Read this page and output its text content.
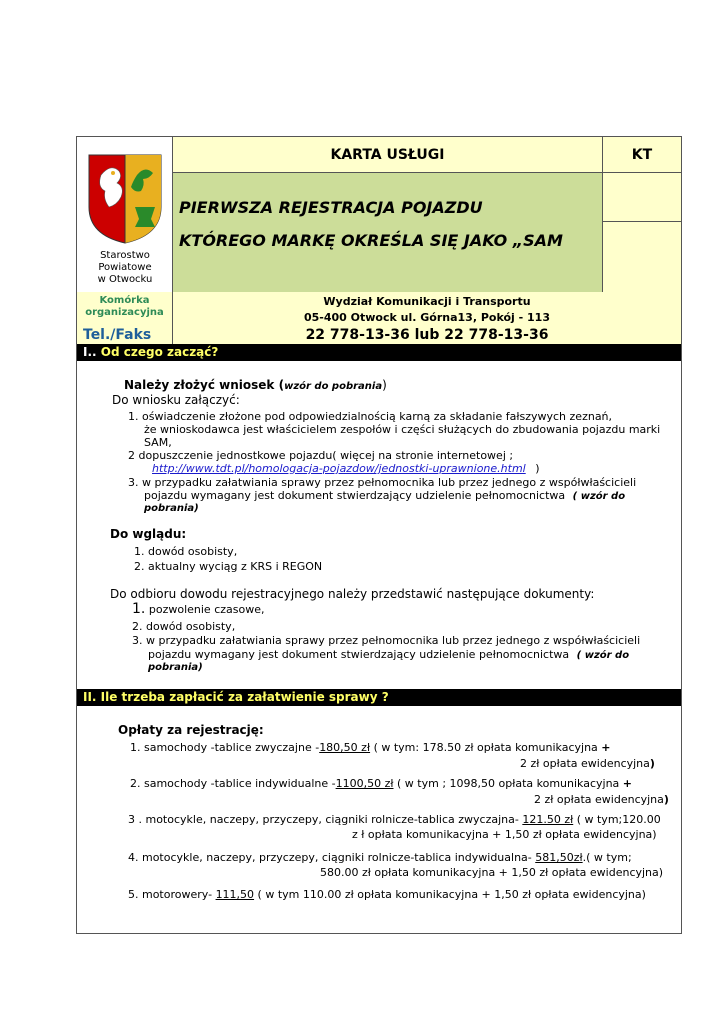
Starostwo
Powiatowe
w Otwocku
KARTA USŁUGI	KT
PIERWSZA REJESTRACJA POJAZDU
KTÓREGO MARKĘ OKREŚLA SIĘ JAKO „SAM
Komórka
organizacyjna
Wydział Komunikacji i Transportu
05-400 Otwock ul. Górna13, Pokój - 113
Tel./Faks	22 778-13-36 lub 22 778-13-36
I.. Od czego zacząć?
Należy złożyć wniosek (wzór do pobrania)
Do wniosku załączyć:
1. oświadczenie złożone pod odpowiedzialnością karną za składanie fałszywych zeznań,
że wnioskodawca jest właścicielem zespołów i części służących do zbudowania pojazdu marki
SAM,
2 dopuszczenie jednostkowe pojazdu( więcej na stronie internetowej ;
http://www.tdt.pl/homologacja-pojazdow/jednostki-uprawnione.html )
3. w przypadku załatwiania sprawy przez pełnomocnika lub przez jednego z współwłaścicieli
pojazdu wymagany jest dokument stwierdzający udzielenie pełnomocnictwa ( wzór do
pobrania)
Do wglądu:
1. dowód osobisty,
2. aktualny wyciąg z KRS i REGON
Do odbioru dowodu rejestracyjnego należy przedstawić następujące dokumenty:
1. pozwolenie czasowe,
2. dowód osobisty,
3. w przypadku załatwiania sprawy przez pełnomocnika lub przez jednego z współwłaścicieli
pojazdu wymagany jest dokument stwierdzający udzielenie pełnomocnictwa ( wzór do
pobrania)
II. Ile trzeba zapłacić za załatwienie sprawy ?
Opłaty za rejestrację:
1. samochody -tablice zwyczajne -180,50 zł ( w tym: 178.50 zł opłata komunikacyjna +
2 zł opłata ewidencyjna)
2. samochody -tablice indywidualne -1100,50 zł ( w tym ; 1098,50 opłata komunikacyjna +
2 zł opłata ewidencyjna)
3 . motocykle, naczepy, przyczepy, ciągniki rolnicze-tablica zwyczajna- 121.50 zł ( w tym;120.00
z ł opłata komunikacyjna + 1,50 zł opłata ewidencyjna)
4. motocykle, naczepy, przyczepy, ciągniki rolnicze-tablica indywidualna- 581,50zł.( w tym;
580.00 zł opłata komunikacyjna + 1,50 zł opłata ewidencyjna)
5. motorowery- 111,50 ( w tym 110.00 zł opłata komunikacyjna + 1,50 zł opłata ewidencyjna)
